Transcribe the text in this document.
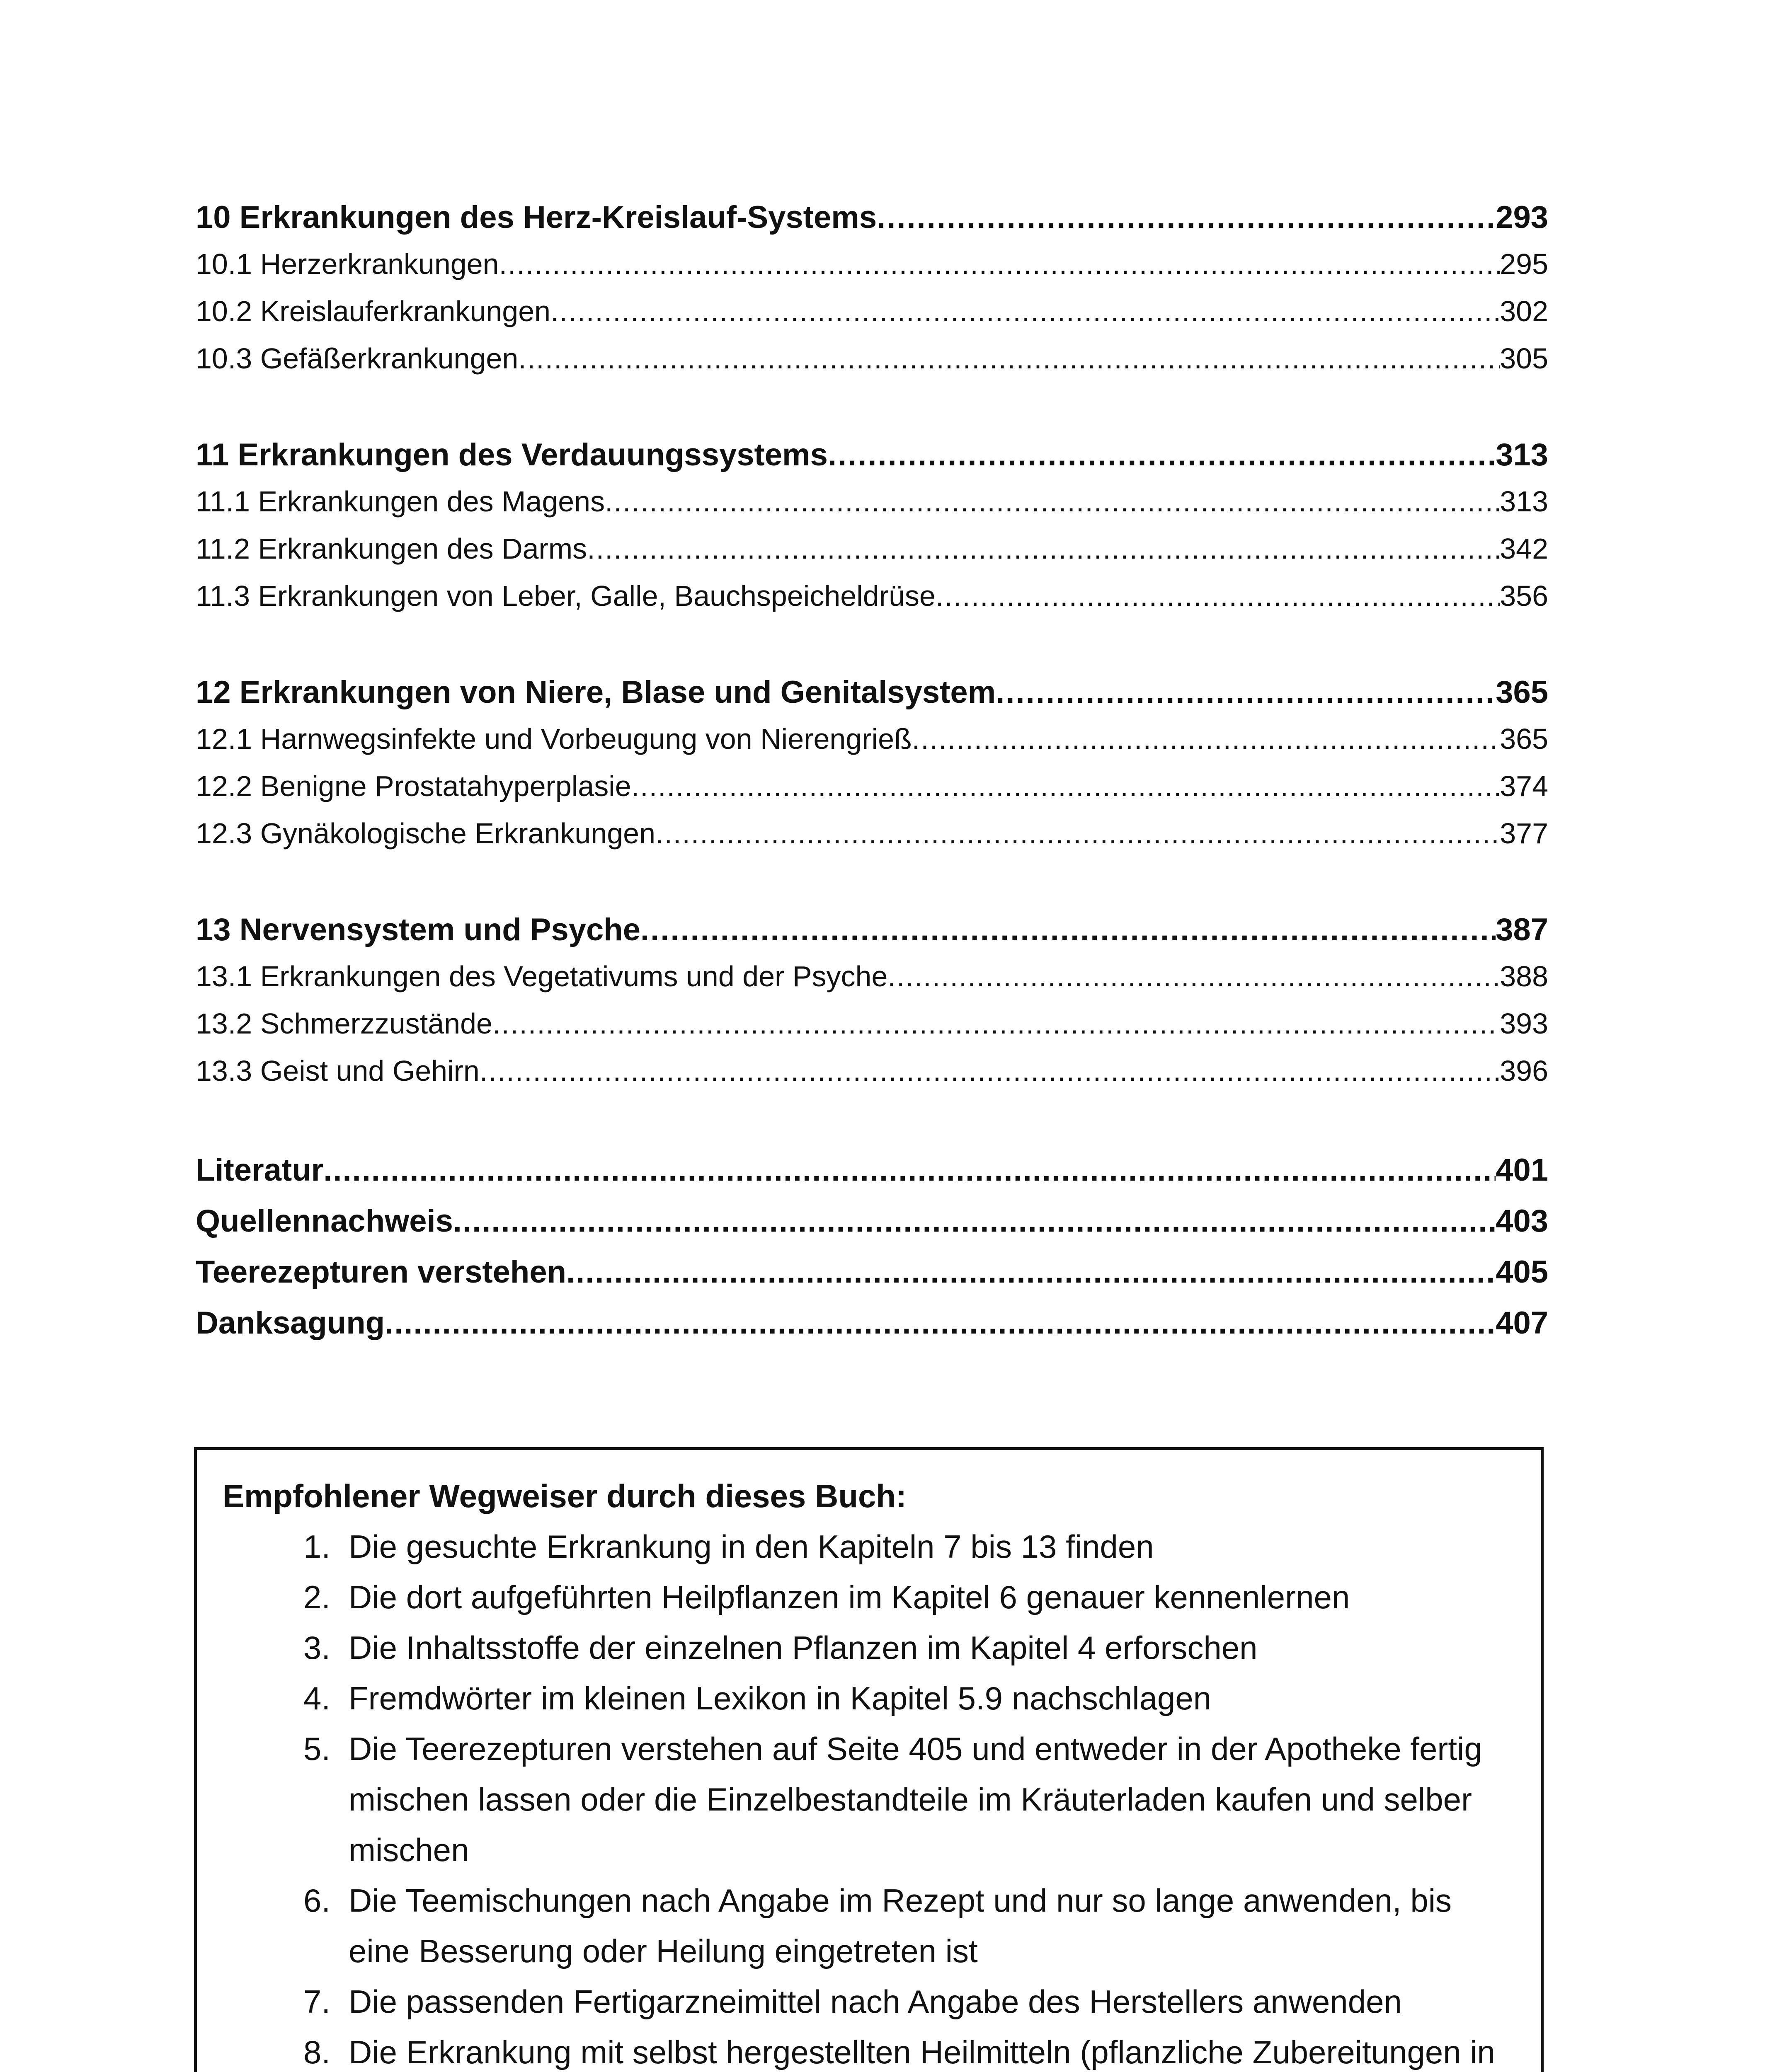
10 Erkrankungen des Herz-Kreislauf-Systems .....	293
10.1 Herzerkrankungen .....	295
10.2 Kreislauferkrankungen .....	302
10.3 Gefäßerkrankungen .....	305
11 Erkrankungen des Verdauungssystems .....	313
11.1 Erkrankungen des Magens .....	313
11.2 Erkrankungen des Darms .....	342
11.3 Erkrankungen von Leber, Galle, Bauchspeicheldrüse .....	356
12 Erkrankungen von Niere, Blase und Genitalsystem .....	365
12.1 Harnwegsinfekte und Vorbeugung von Nierengrieß .....	365
12.2 Benigne Prostatahyperplasie .....	374
12.3 Gynäkologische Erkrankungen .....	377
13 Nervensystem und Psyche .....	387
13.1 Erkrankungen des Vegetativums und der Psyche .....	388
13.2 Schmerzzustände .....	393
13.3 Geist und Gehirn .....	396
Literatur .....	401
Quellennachweis .....	403
Teerezepturen verstehen .....	405
Danksagung .....	407
Empfohlener Wegweiser durch dieses Buch:
1. Die gesuchte Erkrankung in den Kapiteln 7 bis 13 finden
2. Die dort aufgeführten Heilpflanzen im Kapitel 6 genauer kennenlernen
3. Die Inhaltsstoffe der einzelnen Pflanzen im Kapitel 4 erforschen
4. Fremdwörter im kleinen Lexikon in Kapitel 5.9 nachschlagen
5. Die Teerezepturen verstehen auf Seite 405 und entweder in der Apotheke fertig mischen lassen oder die Einzelbestandteile im Kräuterladen kaufen und selber mischen
6. Die Teemischungen nach Angabe im Rezept und nur so lange anwenden, bis eine Besserung oder Heilung eingetreten ist
7. Die passenden Fertigarzneimittel nach Angabe des Herstellers anwenden
8. Die Erkrankung mit selbst hergestellten Heilmitteln (pflanzliche Zubereitungen in
